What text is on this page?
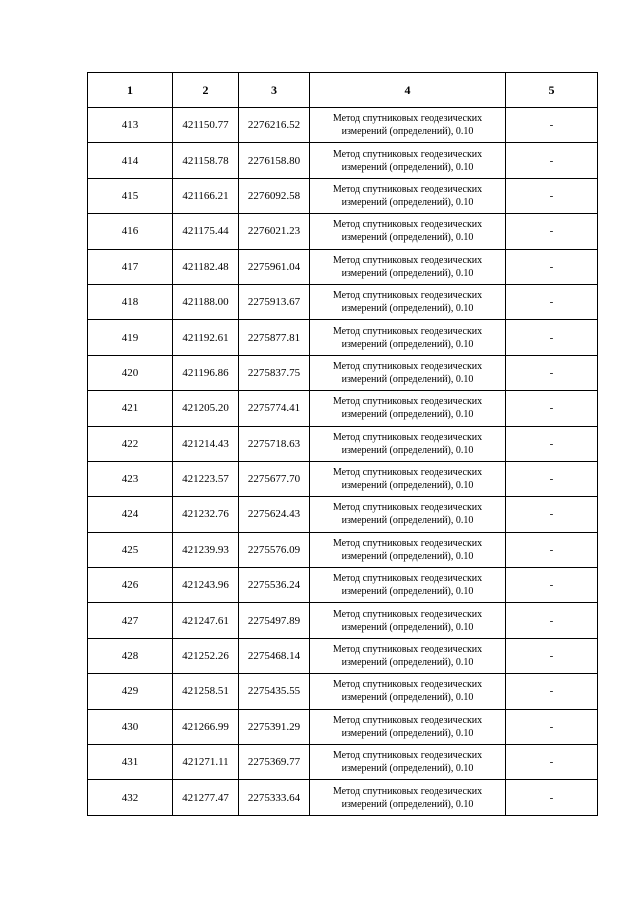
1	2	3	4	5
413	421150.77	2276216.52	Метод спутниковых геодезических
измерений (определений), 0.10	-
414	421158.78	2276158.80	Метод спутниковых геодезических
измерений (определений), 0.10	-
415	421166.21	2276092.58	Метод спутниковых геодезических
измерений (определений), 0.10	-
416	421175.44	2276021.23	Метод спутниковых геодезических
измерений (определений), 0.10	-
417	421182.48	2275961.04	Метод спутниковых геодезических
измерений (определений), 0.10	-
418	421188.00	2275913.67	Метод спутниковых геодезических
измерений (определений), 0.10	-
419	421192.61	2275877.81	Метод спутниковых геодезических
измерений (определений), 0.10	-
420	421196.86	2275837.75	Метод спутниковых геодезических
измерений (определений), 0.10	-
421	421205.20	2275774.41	Метод спутниковых геодезических
измерений (определений), 0.10	-
422	421214.43	2275718.63	Метод спутниковых геодезических
измерений (определений), 0.10	-
423	421223.57	2275677.70	Метод спутниковых геодезических
измерений (определений), 0.10	-
424	421232.76	2275624.43	Метод спутниковых геодезических
измерений (определений), 0.10	-
425	421239.93	2275576.09	Метод спутниковых геодезических
измерений (определений), 0.10	-
426	421243.96	2275536.24	Метод спутниковых геодезических
измерений (определений), 0.10	-
427	421247.61	2275497.89	Метод спутниковых геодезических
измерений (определений), 0.10	-
428	421252.26	2275468.14	Метод спутниковых геодезических
измерений (определений), 0.10	-
429	421258.51	2275435.55	Метод спутниковых геодезических
измерений (определений), 0.10	-
430	421266.99	2275391.29	Метод спутниковых геодезических
измерений (определений), 0.10	-
431	421271.11	2275369.77	Метод спутниковых геодезических
измерений (определений), 0.10	-
432	421277.47	2275333.64	Метод спутниковых геодезических
измерений (определений), 0.10	-
